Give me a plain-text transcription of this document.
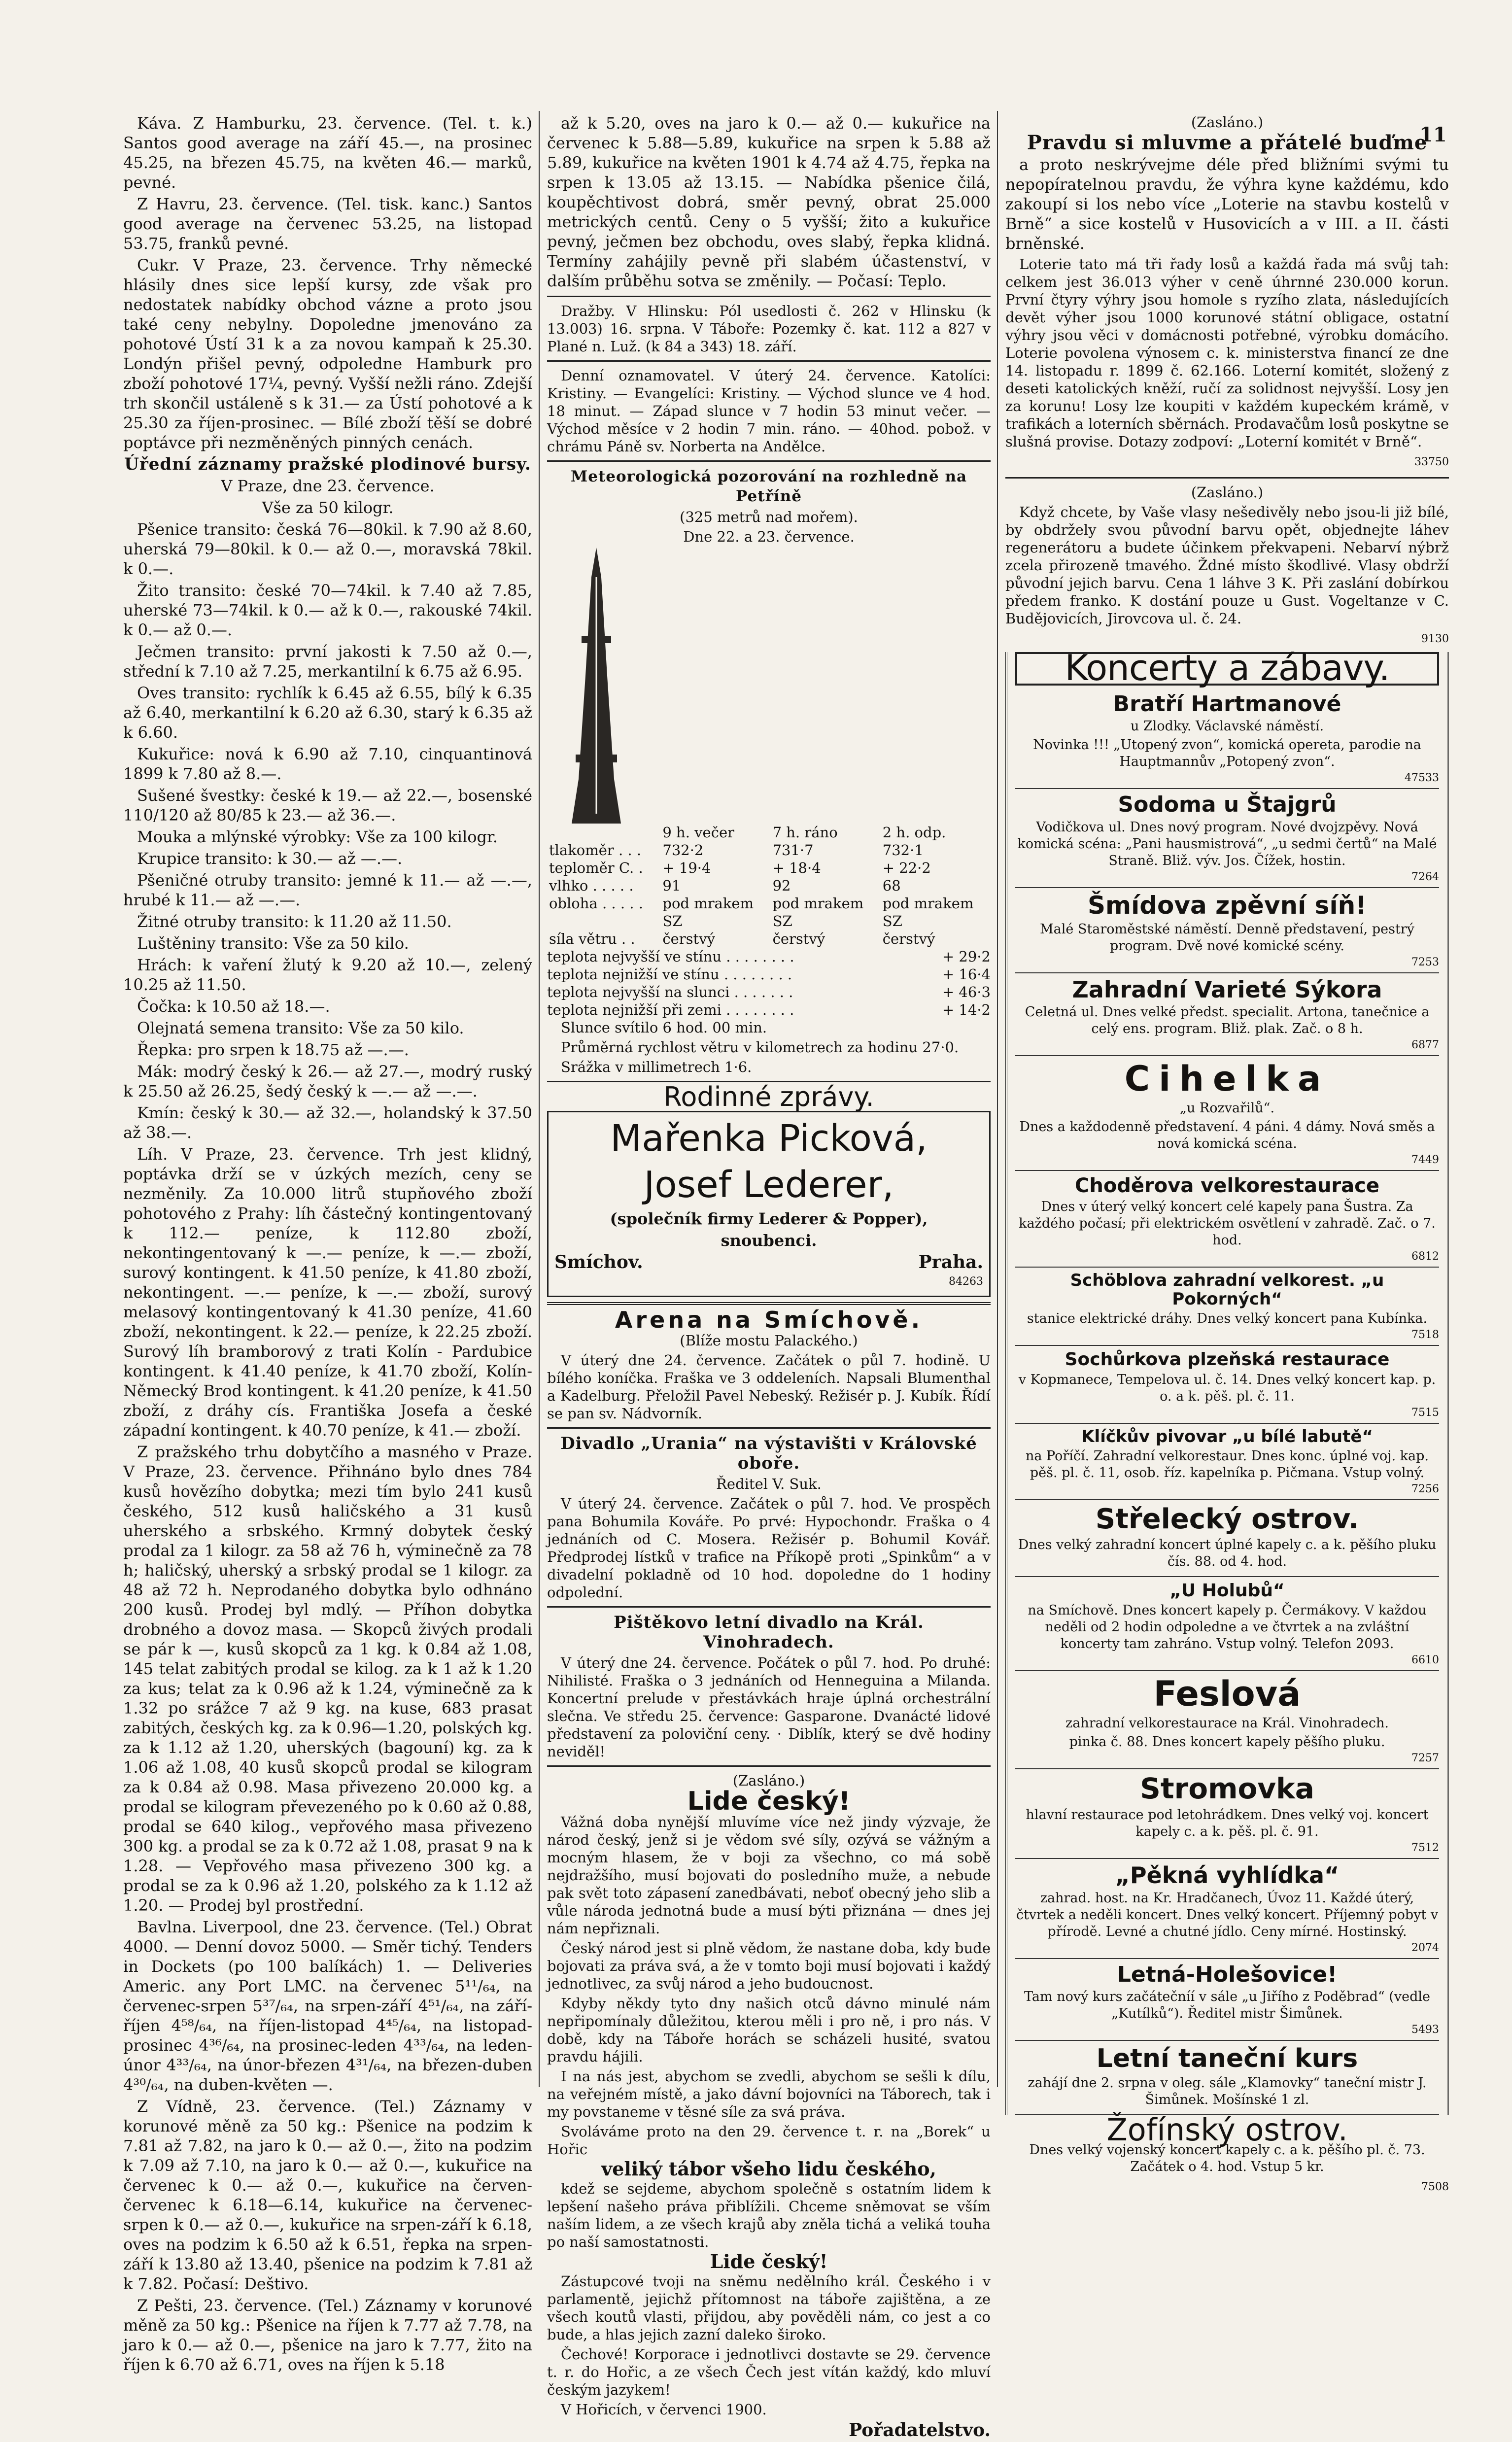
11

Káva. Z Hamburku, 23. července. (Tel. t. k.) Santos good average na září 45.—, na prosinec 45.25, na březen 45.75, na květen 46.— marků, pevné.

Z Havru, 23. července. (Tel. tisk. kanc.) Santos good average na červenec 53.25, na listopad 53.75, franků pevné.

Cukr. V Praze, 23. července. Trhy německé hlásily dnes sice lepší kursy, zde však pro nedostatek nabídky obchod vázne a proto jsou také ceny nebylny. Dopoledne jmenováno za pohotové Ústí 31 k a za novou kampaň k 25.30. Londýn přišel pevný, odpoledne Hamburk pro zboží pohotové 17¼, pevný. Vyšší nežli ráno. Zdejší trh skončil ustáleně s k 31.— za Ústí pohotové a k 25.30 za říjen-prosinec. — Bílé zboží těší se dobré poptávce při nezměněných pinných cenách.

Úřední záznamy pražské plodinové bursy.

V Praze, dne 23. července.

Vše za 50 kilogr.

Pšenice transito: česká 76—80kil. k 7.90 až 8.60, uherská 79—80kil. k 0.— až 0.—, moravská 78kil. k 0.—.

Žito transito: české 70—74kil. k 7.40 až 7.85, uherské 73—74kil. k 0.— až k 0.—, rakouské 74kil. k 0.— až 0.—.

Ječmen transito: první jakosti k 7.50 až 0.—, střední k 7.10 až 7.25, merkantilní k 6.75 až 6.95.

Oves transito: rychlík k 6.45 až 6.55, bílý k 6.35 až 6.40, merkantilní k 6.20 až 6.30, starý k 6.35 až k 6.60.

Kukuřice: nová k 6.90 až 7.10, cinquantinová 1899 k 7.80 až 8.—.

Sušené švestky: české k 19.— až 22.—, bosenské 110/120 až 80/85 k 23.— až 36.—.

Mouka a mlýnské výrobky: Vše za 100 kilogr.

Krupice transito: k 30.— až —.—.

Pšeničné otruby transito: jemné k 11.— až —.—, hrubé k 11.— až —.—.

Žitné otruby transito: k 11.20 až 11.50.

Luštěniny transito: Vše za 50 kilo.

Hrách: k vaření žlutý k 9.20 až 10.—, zelený 10.25 až 11.50.

Čočka: k 10.50 až 18.—.

Olejnatá semena transito: Vše za 50 kilo.

Řepka: pro srpen k 18.75 až —.—.

Mák: modrý český k 26.— až 27.—, modrý ruský k 25.50 až 26.25, šedý český k —.— až —.—.

Kmín: český k 30.— až 32.—, holandský k 37.50 až 38.—.

Líh. V Praze, 23. července. Trh jest klidný, poptávka drží se v úzkých mezích, ceny se nezměnily. Za 10.000 litrů stupňového zboží pohotového z Prahy: líh částečný kontingentovaný k 112.— peníze, k 112.80 zboží, nekontingentovaný k —.— peníze, k —.— zboží, surový kontingent. k 41.50 peníze, k 41.80 zboží, nekontingent. —.— peníze, k —.— zboží, surový melasový kontingentovaný k 41.30 peníze, 41.60 zboží, nekontingent. k 22.— peníze, k 22.25 zboží. Surový líh bramborový z trati Kolín - Pardubice kontingent. k 41.40 peníze, k 41.70 zboží, Kolín-Německý Brod kontingent. k 41.20 peníze, k 41.50 zboží, z dráhy cís. Františka Josefa a české západní kontingent. k 40.70 peníze, k 41.— zboží.

Z pražského trhu dobytčího a masného v Praze. V Praze, 23. července. Přihnáno bylo dnes 784 kusů hovězího dobytka; mezi tím bylo 241 kusů českého, 512 kusů haličského a 31 kusů uherského a srbského. Krmný dobytek český prodal za 1 kilogr. za 58 až 76 h, výminečně za 78 h; haličský, uherský a srbský prodal se 1 kilogr. za 48 až 72 h. Neprodaného dobytka bylo odhnáno 200 kusů. Prodej byl mdlý. — Příhon dobytka drobného a dovoz masa. — Skopců živých prodali se pár k —, kusů skopců za 1 kg. k 0.84 až 1.08, 145 telat zabitých prodal se kilog. za k 1 až k 1.20 za kus; telat za k 0.96 až k 1.24, výminečně za k 1.32 po srážce 7 až 9 kg. na kuse, 683 prasat zabitých, českých kg. za k 0.96—1.20, polských kg. za k 1.12 až 1.20, uherských (bagouní) kg. za k 1.06 až 1.08, 40 kusů skopců prodal se kilogram za k 0.84 až 0.98. Masa přivezeno 20.000 kg. a prodal se kilogram převezeného po k 0.60 až 0.88, prodal se 640 kilog., vepřového masa přivezeno 300 kg. a prodal se za k 0.72 až 1.08, prasat 9 na k 1.28. — Vepřového masa přivezeno 300 kg. a prodal se za k 0.96 až 1.20, polského za k 1.12 až 1.20. — Prodej byl prostřední.

Bavlna. Liverpool, dne 23. července. (Tel.) Obrat 4000. — Denní dovoz 5000. — Směr tichý. Tenders in Dockets (po 100 balíkách) 1. — Deliveries Americ. any Port LMC. na červenec 5¹¹/₆₄, na červenec-srpen 5³⁷/₆₄, na srpen-září 4⁵¹/₆₄, na září-říjen 4⁵⁸/₆₄, na říjen-listopad 4⁴⁵/₆₄, na listopad-prosinec 4³⁶/₆₄, na prosinec-leden 4³³/₆₄, na leden-únor 4³³/₆₄, na únor-březen 4³¹/₆₄, na březen-duben 4³⁰/₆₄, na duben-květen —.

Z Vídně, 23. července. (Tel.) Záznamy v korunové měně za 50 kg.: Pšenice na podzim k 7.81 až 7.82, na jaro k 0.— až 0.—, žito na podzim k 7.09 až 7.10, na jaro k 0.— až 0.—, kukuřice na červenec k 0.— až 0.—, kukuřice na červen-červenec k 6.18—6.14, kukuřice na červenec-srpen k 0.— až 0.—, kukuřice na srpen-září k 6.18, oves na podzim k 6.50 až k 6.51, řepka na srpen-září k 13.80 až 13.40, pšenice na podzim k 7.81 až k 7.82. Počasí: Deštivo.

Z Pešti, 23. července. (Tel.) Záznamy v korunové měně za 50 kg.: Pšenice na říjen k 7.77 až 7.78, na jaro k 0.— až 0.—, pšenice na jaro k 7.77, žito na říjen k 6.70 až 6.71, oves na říjen k 5.18

až k 5.20, oves na jaro k 0.— až 0.— kukuřice na červenec k 5.88—5.89, kukuřice na srpen k 5.88 až 5.89, kukuřice na květen 1901 k 4.74 až 4.75, řepka na srpen k 13.05 až 13.15. — Nabídka pšenice čilá, koupěchtivost dobrá, směr pevný, obrat 25.000 metrických centů. Ceny o 5 vyšší; žito a kukuřice pevný, ječmen bez obchodu, oves slabý, řepka klidná. Termíny zahájily pevně při slabém účastenství, v dalším průběhu sotva se změnily. — Počasí: Teplo.

Dražby. V Hlinsku: Pól usedlosti č. 262 v Hlinsku (k 13.003) 16. srpna. V Táboře: Pozemky č. kat. 112 a 827 v Plané n. Luž. (k 84 a 343) 18. září.

Denní oznamovatel. V úterý 24. července. Katolíci: Kristiny. — Evangelíci: Kristiny. — Východ slunce ve 4 hod. 18 minut. — Západ slunce v 7 hodin 53 minut večer. — Východ měsíce v 2 hodin 7 min. ráno. — 40hod. pobož. v chrámu Páně sv. Norberta na Andělce.

Meteorologická pozorování na rozhledně na Petříně

(325 metrů nad mořem).

Dne 22. a 23. července.

	9 h. večer	7 h. ráno	2 h. odp.
tlakoměr . . .	732·2	731·7	732·1
teploměr C. .	+ 19·4	+ 18·4	+ 22·2
vlhko . . . . .	91	92	68
obloha . . . . .	pod mrakem	pod mrakem	pod mrakem
	SZ	SZ	SZ
síla větru . .	čerstvý	čerstvý	čerstvý
teplota nejvyšší ve stínu . . . . . . . .	+ 29·2
teplota nejnižší ve stínu . . . . . . . .	+ 16·4
teplota nejvyšší na slunci . . . . . . .	+ 46·3
teplota nejnižší při zemi . . . . . . . .	+ 14·2

Slunce svítilo 6 hod. 00 min.

Průměrná rychlost větru v kilometrech za hodinu 27·0.

Srážka v millimetrech 1·6.

Rodinné zprávy.

Mařenka Picková,

Josef Lederer,

(společník firmy Lederer & Popper),

snoubenci.

Smíchov.	Praha.
84263

Arena na Smíchově.

(Blíže mostu Palackého.)

V úterý dne 24. července. Začátek o půl 7. hodině. U bílého koníčka. Fraška ve 3 oddeleních. Napsali Blumenthal a Kadelburg. Přeložil Pavel Nebeský. Režisér p. J. Kubík. Řídí se pan sv. Nádvorník.

Divadlo „Urania“ na výstavišti v Královské oboře.

Ředitel V. Suk.

V úterý 24. července. Začátek o půl 7. hod. Ve prospěch pana Bohumila Kováře. Po prvé: Hypochondr. Fraška o 4 jednáních od C. Mosera. Režisér p. Bohumil Kovář. Předprodej lístků v trafice na Příkopě proti „Spinkům“ a v divadelní pokladně od 10 hod. dopoledne do 1 hodiny odpolední.

Pištěkovo letní divadlo na Král. Vinohradech.

V úterý dne 24. července. Počátek o půl 7. hod. Po druhé: Nihilisté. Fraška o 3 jednáních od Henneguina a Milanda. Koncertní prelude v přestávkách hraje úplná orchestrální slečna. Ve středu 25. července: Gasparone. Dvanácté lidové představení za poloviční ceny. · Diblík, který se dvě hodiny neviděl!

(Zasláno.)

Lide český!

Vážná doba nynější mluvíme více než jindy výzvaje, že národ český, jenž si je vědom své síly, ozývá se vážným a mocným hlasem, že v boji za všechno, co má sobě nejdražšího, musí bojovati do posledního muže, a nebude pak svět toto zápasení zanedbávati, neboť obecný jeho slib a vůle národa jednotná bude a musí býti přiznána — dnes jej nám nepřiznali.

Český národ jest si plně vědom, že nastane doba, kdy bude bojovati za práva svá, a že v tomto boji musí bojovati i každý jednotlivec, za svůj národ a jeho budoucnost.

Kdyby někdy tyto dny našich otců dávno minulé nám nepřipomínaly důležitou, kterou měli i pro ně, i pro nás. V době, kdy na Táboře horách se scházeli husité, svatou pravdu hájili.

I na nás jest, abychom se zvedli, abychom se sešli k dílu, na veřejném místě, a jako dávní bojovníci na Táborech, tak i my povstaneme v těsné síle za svá práva.

Svoláváme proto na den 29. července t. r. na „Borek“ u Hořic

veliký tábor všeho lidu českého,

kdež se sejdeme, abychom společně s ostatním lidem k lepšení našeho práva přiblížili. Chceme sněmovat se vším naším lidem, a ze všech krajů aby zněla tichá a veliká touha po naší samostatnosti.

Lide český!

Zástupcové tvoji na sněmu nedělního král. Českého i v parlamentě, jejichž přítomnost na táboře zajištěna, a ze všech koutů vlasti, přijdou, aby pověděli nám, co jest a co bude, a hlas jejich zazní daleko široko.

Čechové! Korporace i jednotlivci dostavte se 29. července t. r. do Hořic, a ze všech Čech jest vítán každý, kdo mluví českým jazykem!

V Hořicích, v červenci 1900.

Pořadatelstvo.

(Zasláno.)

Pravdu si mluvme a přátelé buďme

a proto neskrývejme déle před bližními svými tu nepopíratelnou pravdu, že výhra kyne každému, kdo zakoupí si los nebo více „Loterie na stavbu kostelů v Brně“ a sice kostelů v Husovicích a v III. a II. části brněnské.

Loterie tato má tři řady losů a každá řada má svůj tah: celkem jest 36.013 výher v ceně úhrnné 230.000 korun. První čtyry výhry jsou homole s ryzího zlata, následujících devět výher jsou 1000 korunové státní obligace, ostatní výhry jsou věci v domácnosti potřebné, výrobku domácího. Loterie povolena výnosem c. k. ministerstva financí ze dne 14. listopadu r. 1899 č. 62.166. Loterní komitét, složený z deseti katolických kněží, ručí za solidnost nejvyšší. Losy jen za korunu! Losy lze koupiti v každém kupeckém krámě, v trafikách a loterních sběrnách. Prodavačům losů poskytne se slušná provise. Dotazy zodpoví: „Loterní komitét v Brně“.

33750

(Zasláno.)

Když chcete, by Vaše vlasy nešedivěly nebo jsou-li již bílé, by obdržely svou původní barvu opět, objednejte láhev regenerátoru a budete účinkem překvapeni. Nebarví nýbrž zcela přirozeně tmavého. Ždné místo škodlivé. Vlasy obdrží původní jejich barvu. Cena 1 láhve 3 K. Při zaslání dobírkou předem franko. K dostání pouze u Gust. Vogeltanze v C. Budějovicích, Jirovcova ul. č. 24.

9130

Koncerty a zábavy.

Bratří Hartmanové

u Zlodky. Václavské náměstí.

Novinka !!! „Utopený zvon“, komická opereta, parodie na Hauptmannův „Potopený zvon“.

47533

Sodoma u Štajgrů

Vodičkova ul. Dnes nový program. Nové dvojzpěvy. Nová komická scéna: „Pani hausmistrová“, „u sedmi čertů“ na Malé Straně. Bliž. výv. Jos. Čížek, hostin.

7264

Šmídova zpěvní síň!

Malé Staroměstské náměstí. Denně představení, pestrý program. Dvě nové komické scény.

7253

Zahradní Varieté Sýkora

Celetná ul. Dnes velké předst. specialit. Artona, tanečnice a celý ens. program. Bliž. plak. Zač. o 8 h.

6877

Cihelka

„u Rozvařilů“.

Dnes a každodenně představení. 4 páni. 4 dámy. Nová směs a nová komická scéna.

7449

Choděrova velkorestaurace

Dnes v úterý velký koncert celé kapely pana Šustra. Za každého počasí; při elektrickém osvětlení v zahradě. Zač. o 7. hod.

6812

Schöblova zahradní velkorest. „u Pokorných“

stanice elektrické dráhy. Dnes velký koncert pana Kubínka.

7518

Sochůrkova plzeňská restaurace

v Kopmanece, Tempelova ul. č. 14. Dnes velký koncert kap. p. o. a k. pěš. pl. č. 11.

7515

Klíčkův pivovar „u bílé labutě“

na Poříčí. Zahradní velkorestaur. Dnes konc. úplné voj. kap. pěš. pl. č. 11, osob. říz. kapelníka p. Pičmana. Vstup volný.

7256

Střelecký ostrov.

Dnes velký zahradní koncert úplné kapely c. a k. pěšího pluku čís. 88. od 4. hod.

„U Holubů“

na Smíchově. Dnes koncert kapely p. Čermákovy. V každou neděli od 2 hodin odpoledne a ve čtvrtek a na zvláštní koncerty tam zahráno. Vstup volný. Telefon 2093.

6610

Feslová

zahradní velkorestaurace na Král. Vinohradech.

pinka č. 88. Dnes koncert kapely pěšího pluku.

7257

Stromovka

hlavní restaurace pod letohrádkem. Dnes velký voj. koncert kapely c. a k. pěš. pl. č. 91.

7512

„Pěkná vyhlídka“

zahrad. host. na Kr. Hradčanech, Úvoz 11. Každé úterý, čtvrtek a neděli koncert. Dnes velký koncert. Příjemný pobyt v přírodě. Levné a chutné jídlo. Ceny mírné. Hostinský.

2074

Letná-Holešovice!

Tam nový kurs začátečníí v sále „u Jiřího z Poděbrad“ (vedle „Kutílků“). Ředitel mistr Šimůnek.

5493

Letní taneční kurs

zahájí dne 2. srpna v oleg. sále „Klamovky“ taneční mistr J. Šimůnek. Mošínské 1 zl.

Žofínský ostrov.

Dnes velký vojenský koncert kapely c. a k. pěšího pl. č. 73. Začátek o 4. hod. Vstup 5 kr.

7508
